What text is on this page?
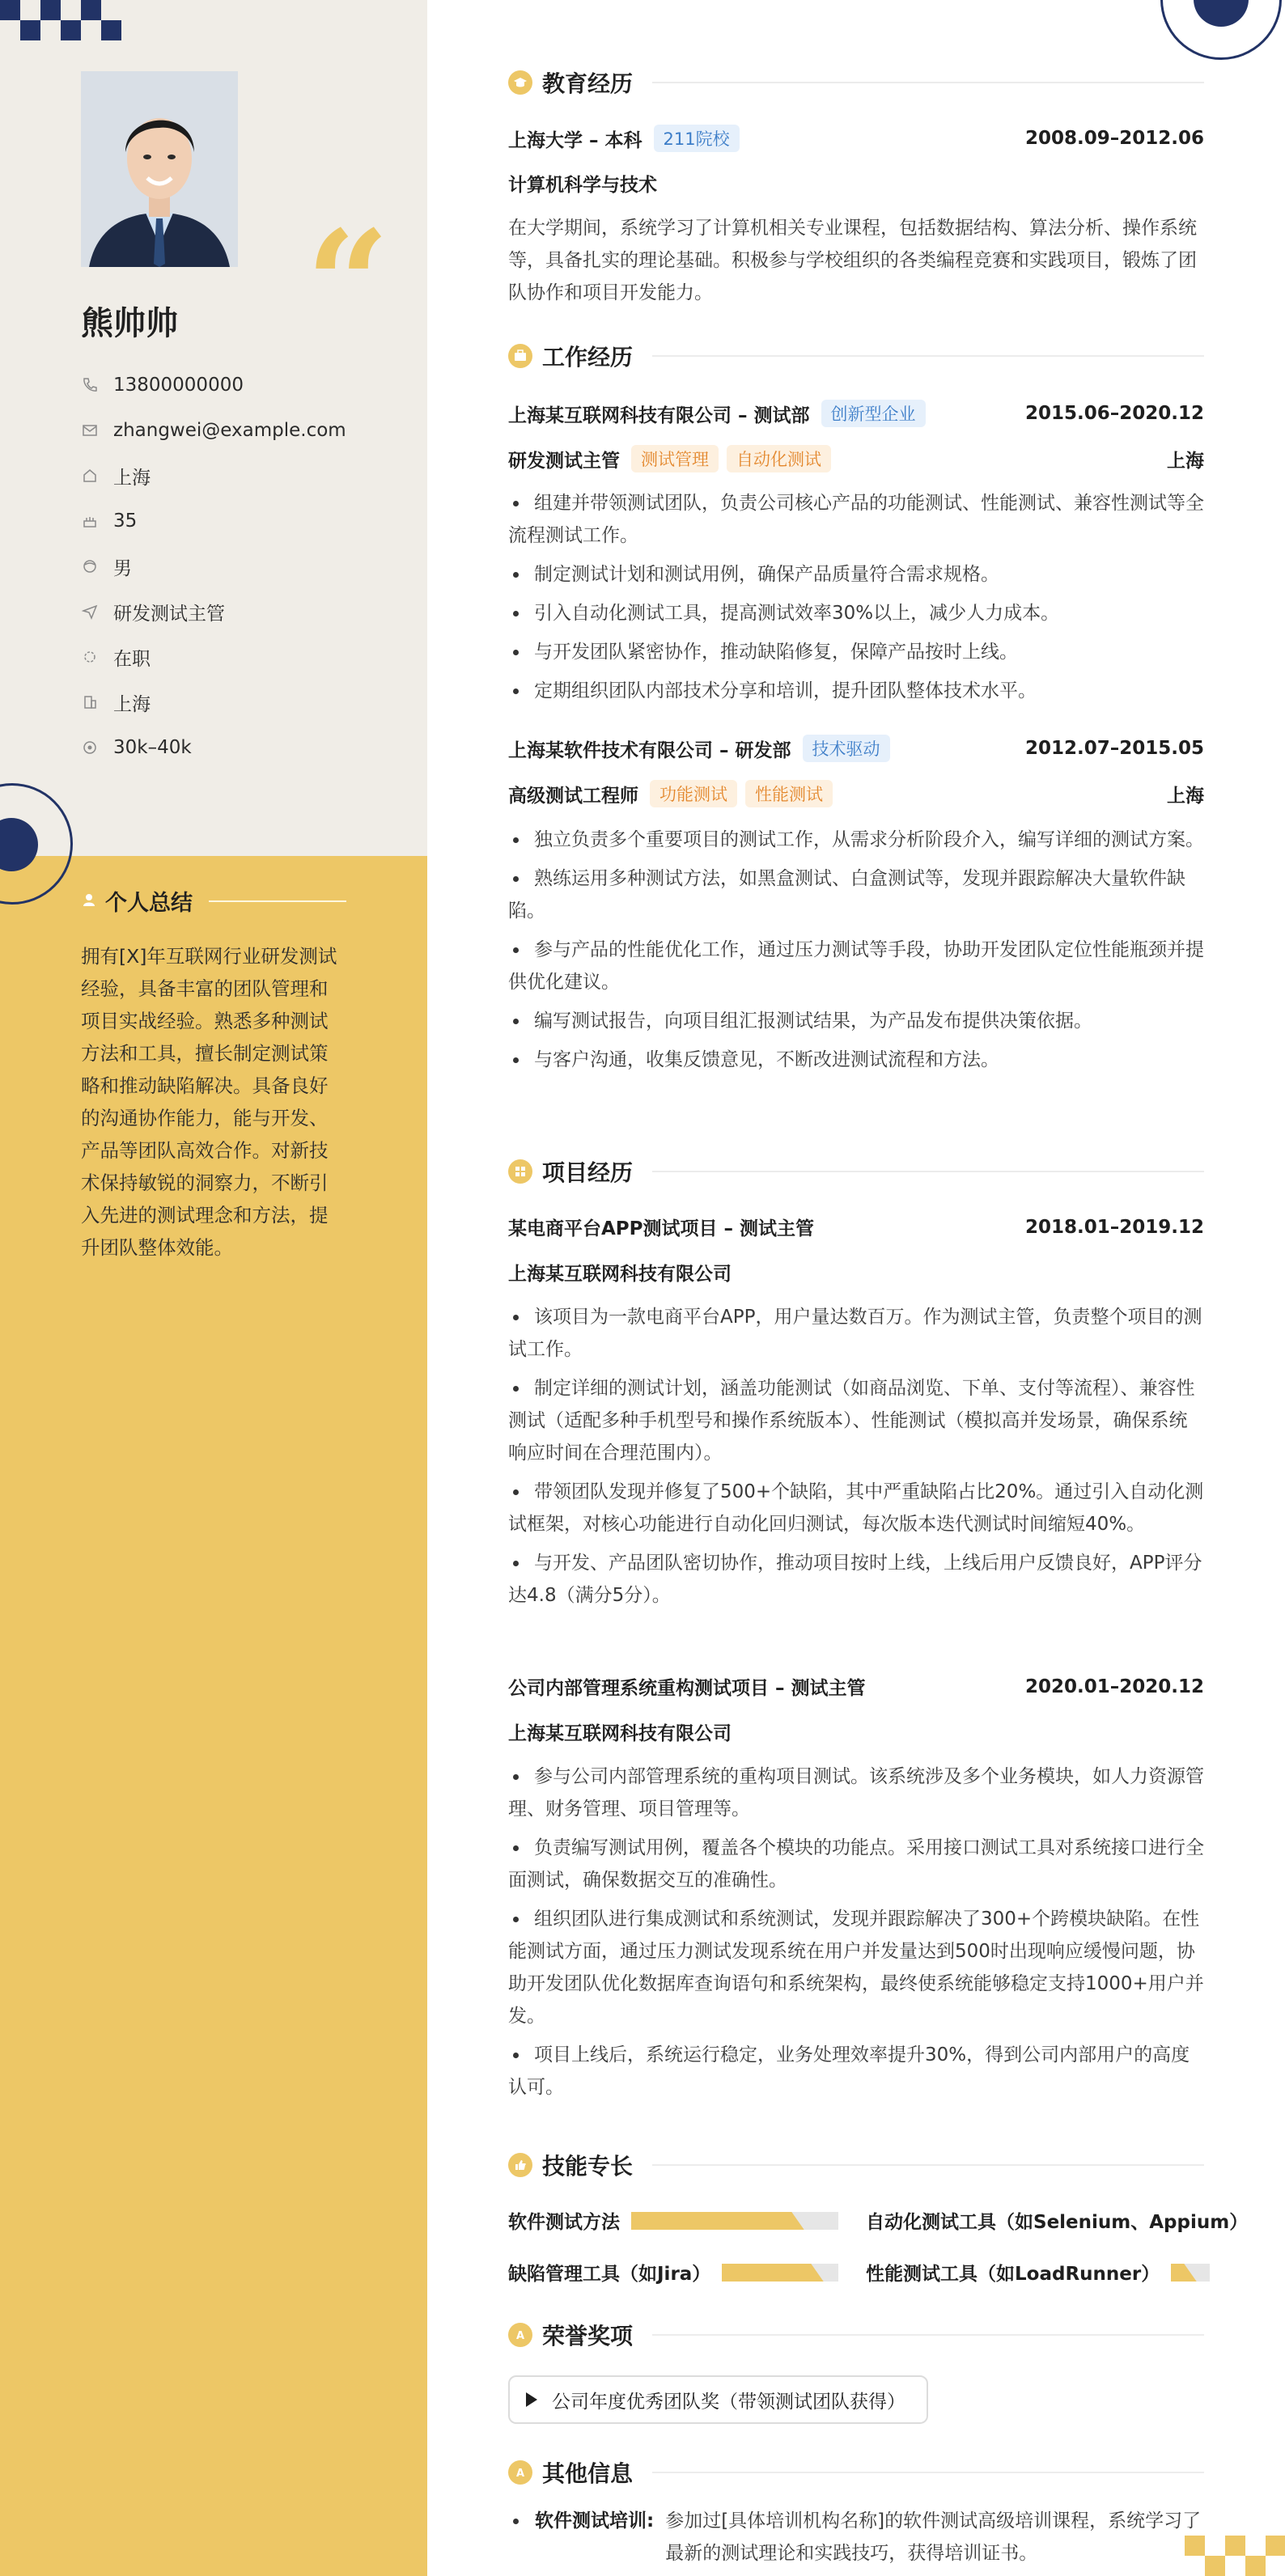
“
熊帅帅
13800000000
zhangwei@example.com
上海
35
男
研发测试主管
在职
上海
30k–40k
个人总结
拥有[X]年互联网行业研发测试经验，具备丰富的团队管理和项目实战经验。熟悉多种测试方法和工具，擅长制定测试策略和推动缺陷解决。具备良好的沟通协作能力，能与开发、产品等团队高效合作。对新技术保持敏锐的洞察力，不断引入先进的测试理念和方法，提升团队整体效能。
教育经历
上海大学 – 本科	211院校	2008.09–2012.06
计算机科学与技术
在大学期间，系统学习了计算机相关专业课程，包括数据结构、算法分析、操作系统等，具备扎实的理论基础。积极参与学校组织的各类编程竞赛和实践项目，锻炼了团队协作和项目开发能力。
工作经历
上海某互联网科技有限公司 – 测试部	创新型企业	2015.06–2020.12
研发测试主管	测试管理	自动化测试	上海
组建并带领测试团队，负责公司核心产品的功能测试、性能测试、兼容性测试等全流程测试工作。
制定测试计划和测试用例，确保产品质量符合需求规格。
引入自动化测试工具，提高测试效率30%以上，减少人力成本。
与开发团队紧密协作，推动缺陷修复，保障产品按时上线。
定期组织团队内部技术分享和培训，提升团队整体技术水平。
上海某软件技术有限公司 – 研发部	技术驱动	2012.07–2015.05
高级测试工程师	功能测试	性能测试	上海
独立负责多个重要项目的测试工作，从需求分析阶段介入，编写详细的测试方案。
熟练运用多种测试方法，如黑盒测试、白盒测试等，发现并跟踪解决大量软件缺陷。
参与产品的性能优化工作，通过压力测试等手段，协助开发团队定位性能瓶颈并提供优化建议。
编写测试报告，向项目组汇报测试结果，为产品发布提供决策依据。
与客户沟通，收集反馈意见，不断改进测试流程和方法。
项目经历
某电商平台APP测试项目 – 测试主管	2018.01–2019.12
上海某互联网科技有限公司
该项目为一款电商平台APP，用户量达数百万。作为测试主管，负责整个项目的测试工作。
制定详细的测试计划，涵盖功能测试（如商品浏览、下单、支付等流程）、兼容性测试（适配多种手机型号和操作系统版本）、性能测试（模拟高并发场景，确保系统响应时间在合理范围内）。
带领团队发现并修复了500+个缺陷，其中严重缺陷占比20%。通过引入自动化测试框架，对核心功能进行自动化回归测试，每次版本迭代测试时间缩短40%。
与开发、产品团队密切协作，推动项目按时上线，上线后用户反馈良好，APP评分达4.8（满分5分）。
公司内部管理系统重构测试项目 – 测试主管	2020.01–2020.12
上海某互联网科技有限公司
参与公司内部管理系统的重构项目测试。该系统涉及多个业务模块，如人力资源管理、财务管理、项目管理等。
负责编写测试用例，覆盖各个模块的功能点。采用接口测试工具对系统接口进行全面测试，确保数据交互的准确性。
组织团队进行集成测试和系统测试，发现并跟踪解决了300+个跨模块缺陷。在性能测试方面，通过压力测试发现系统在用户并发量达到500时出现响应缓慢问题，协助开发团队优化数据库查询语句和系统架构，最终使系统能够稳定支持1000+用户并发。
项目上线后，系统运行稳定，业务处理效率提升30%，得到公司内部用户的高度认可。
技能专长
软件测试方法	自动化测试工具（如Selenium、Appium）
缺陷管理工具（如Jira）	性能测试工具（如LoadRunner）
A 荣誉奖项
公司年度优秀团队奖（带领测试团队获得）
A 其他信息
软件测试培训: 参加过[具体培训机构名称]的软件测试高级培训课程，系统学习了最新的测试理论和实践技巧，获得培训证书。
